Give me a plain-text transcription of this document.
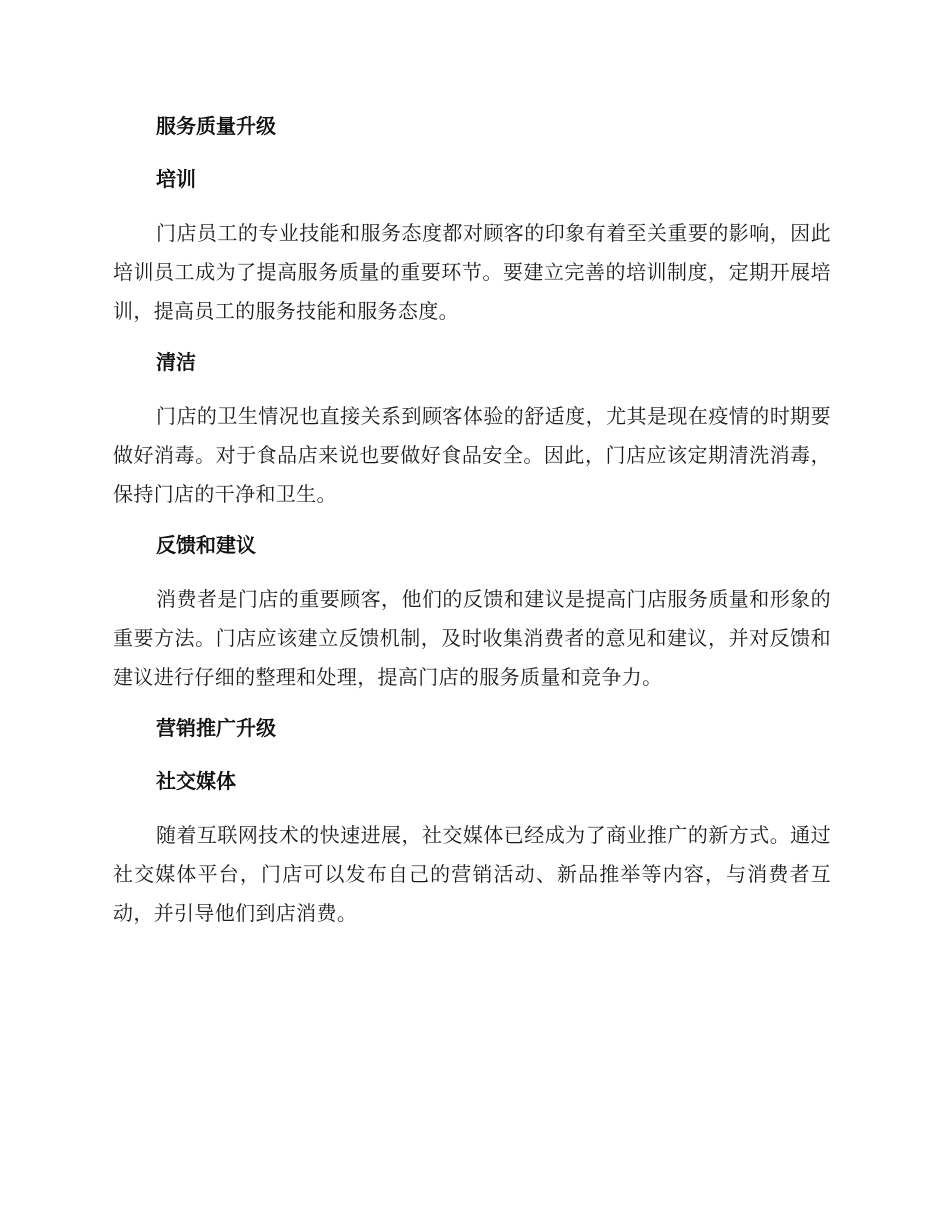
服务质量升级
培训

门店员工的专业技能和服务态度都对顾客的印象有着至关重要的影响，因此培训员工成为了提高服务质量的重要环节。要建立完善的培训制度，定期开展培训，提高员工的服务技能和服务态度。

清洁

门店的卫生情况也直接关系到顾客体验的舒适度，尤其是现在疫情的时期要做好消毒。对于食品店来说也要做好食品安全。因此，门店应该定期清洗消毒，保持门店的干净和卫生。

反馈和建议

消费者是门店的重要顾客，他们的反馈和建议是提高门店服务质量和形象的重要方法。门店应该建立反馈机制，及时收集消费者的意见和建议，并对反馈和建议进行仔细的整理和处理，提高门店的服务质量和竞争力。

营销推广升级
社交媒体

随着互联网技术的快速进展，社交媒体已经成为了商业推广的新方式。通过社交媒体平台，门店可以发布自己的营销活动、新品推举等内容，与消费者互动，并引导他们到店消费。
